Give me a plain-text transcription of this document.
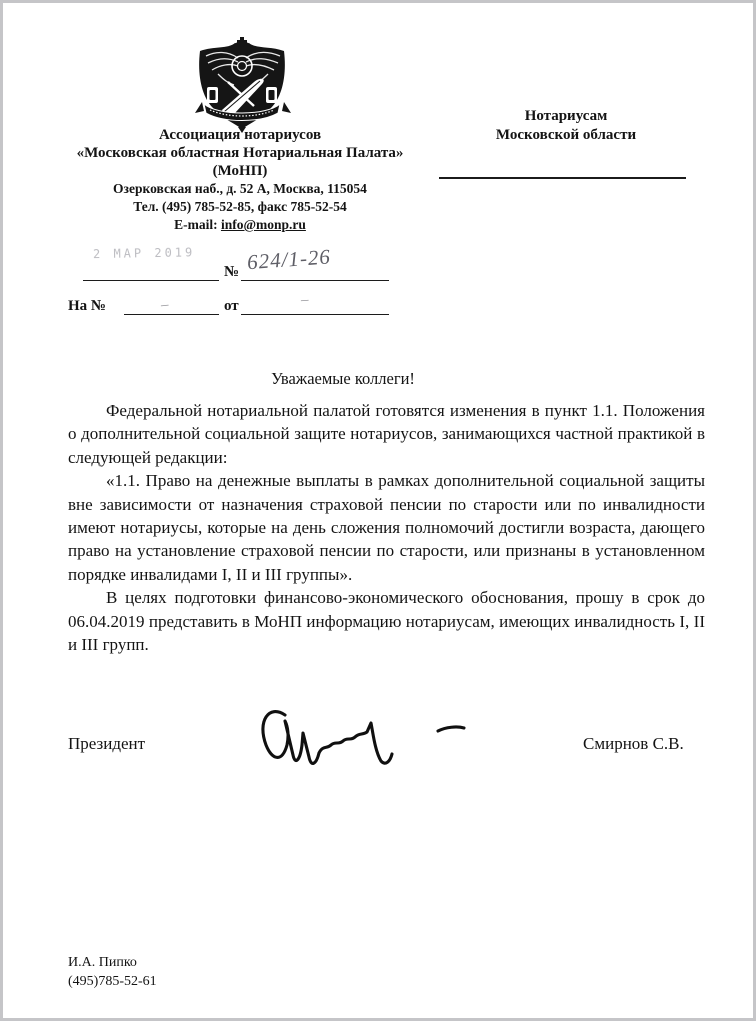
Ассоциация нотариусов
«Московская областная Нотариальная Палата»
(МоНП)
Озерковская наб., д. 52 А, Москва, 115054
Тел. (495) 785-52-85, факс 785-52-54
E-mail: info@monp.ru
Нотариусам
Московской области
2 МАР 2019
№ 624/1-26
На №	–	от	–
Уважаемые коллеги!

Федеральной нотариальной палатой готовятся изменения в пункт 1.1. Положения о дополнительной социальной защите нотариусов, занимающихся частной практикой в следующей редакции:

«1.1. Право на денежные выплаты в рамках дополнительной социальной защиты вне зависимости от назначения страховой пенсии по старости или по инвалидности имеют нотариусы, которые на день сложения полномочий достигли возраста, дающего право на установление страховой пенсии по старости, или признаны в установленном порядке инвалидами I, II и III группы».

В целях подготовки финансово-экономического обоснования, прошу в срок до 06.04.2019 представить в МоНП информацию нотариусам, имеющих инвалидность I, II и III групп.

Президент	Смирнов С.В.
И.А. Пипко
(495)785-52-61
